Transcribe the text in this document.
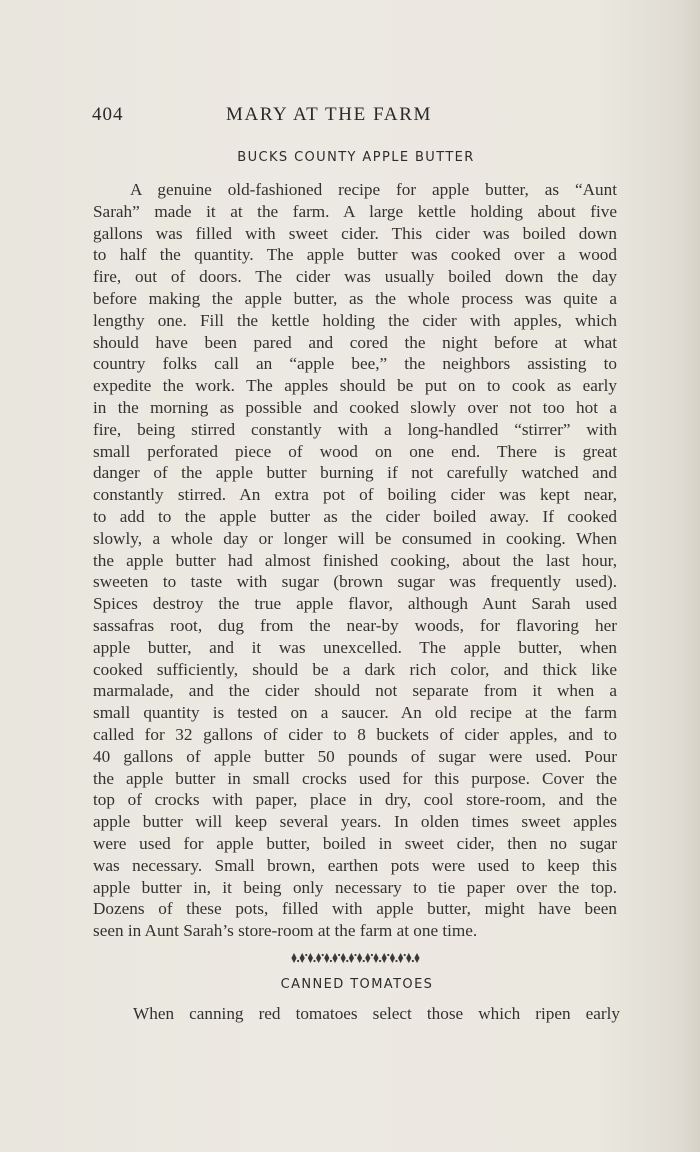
404	MARY AT THE FARM
BUCKS COUNTY APPLE BUTTER
A genuine old-fashioned recipe for apple butter, as “Aunt
Sarah” made it at the farm. A large kettle holding about five
gallons was filled with sweet cider. This cider was boiled down
to half the quantity. The apple butter was cooked over a wood
fire, out of doors. The cider was usually boiled down the day
before making the apple butter, as the whole process was quite a
lengthy one. Fill the kettle holding the cider with apples, which
should have been pared and cored the night before at what
country folks call an “apple bee,” the neighbors assisting to
expedite the work. The apples should be put on to cook as early
in the morning as possible and cooked slowly over not too hot a
fire, being stirred constantly with a long-handled “stirrer” with
small perforated piece of wood on one end. There is great
danger of the apple butter burning if not carefully watched and
constantly stirred. An extra pot of boiling cider was kept near,
to add to the apple butter as the cider boiled away. If cooked
slowly, a whole day or longer will be consumed in cooking. When
the apple butter had almost finished cooking, about the last hour,
sweeten to taste with sugar (brown sugar was frequently used).
Spices destroy the true apple flavor, although Aunt Sarah used
sassafras root, dug from the near-by woods, for flavoring her
apple butter, and it was unexcelled. The apple butter, when
cooked sufficiently, should be a dark rich color, and thick like
marmalade, and the cider should not separate from it when a
small quantity is tested on a saucer. An old recipe at the farm
called for 32 gallons of cider to 8 buckets of cider apples, and to
40 gallons of apple butter 50 pounds of sugar were used. Pour
the apple butter in small crocks used for this purpose. Cover the
top of crocks with paper, place in dry, cool store-room, and the
apple butter will keep several years. In olden times sweet apples
were used for apple butter, boiled in sweet cider, then no sugar
was necessary. Small brown, earthen pots were used to keep this
apple butter in, it being only necessary to tie paper over the top.
Dozens of these pots, filled with apple butter, might have been
seen in Aunt Sarah’s store-room at the farm at one time.
CANNED TOMATOES
When canning red tomatoes select those which ripen early
